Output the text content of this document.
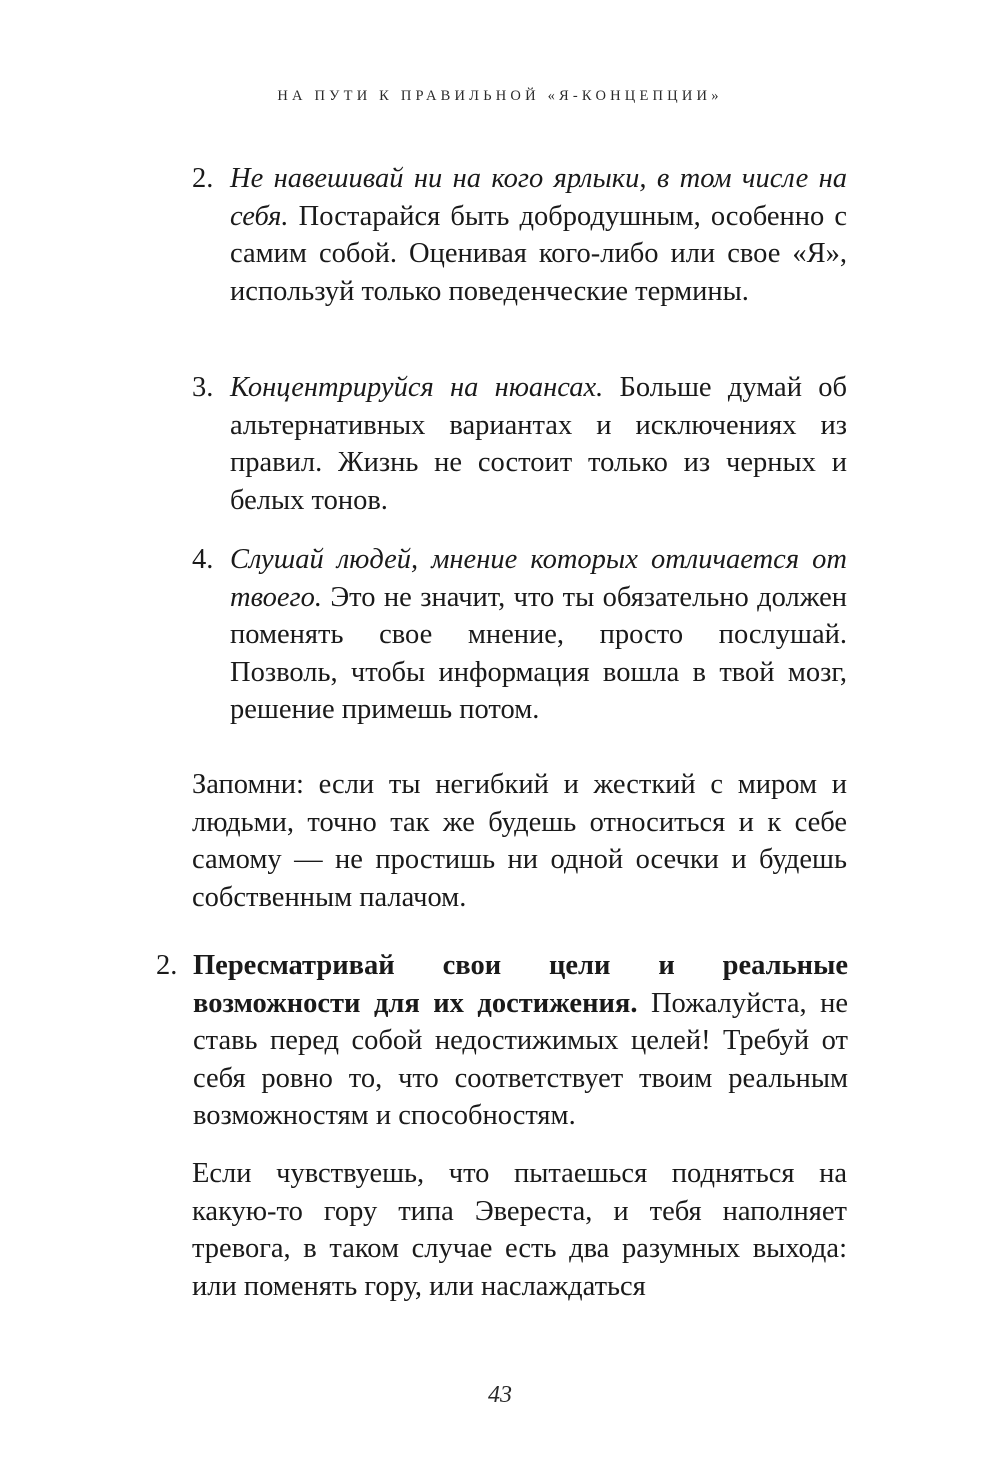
НА ПУТИ К ПРАВИЛЬНОЙ «Я-КОНЦЕПЦИИ»
2. Не навешивай ни на кого ярлыки, в том числе на себя. Постарайся быть добродушным, особенно с самим собой. Оценивая кого-либо или свое «Я», используй только поведенческие термины.
3. Концентрируйся на нюансах. Больше думай об альтернативных вариантах и исключениях из правил. Жизнь не состоит только из черных и белых тонов.
4. Слушай людей, мнение которых отличается от твоего. Это не значит, что ты обязательно должен поменять свое мнение, просто послушай. Позволь, чтобы информация вошла в твой мозг, решение примешь потом.
Запомни: если ты негибкий и жесткий с миром и людьми, точно так же будешь относиться и к себе самому — не простишь ни одной осечки и будешь собственным палачом.
2. Пересматривай свои цели и реальные возможности для их достижения. Пожалуйста, не ставь перед собой недостижимых целей! Требуй от себя ровно то, что соответствует твоим реальным возможностям и способностям.
Если чувствуешь, что пытаешься подняться на какую-то гору типа Эвереста, и тебя наполняет тревога, в таком случае есть два разумных выхода: или поменять гору, или наслаждаться
43
